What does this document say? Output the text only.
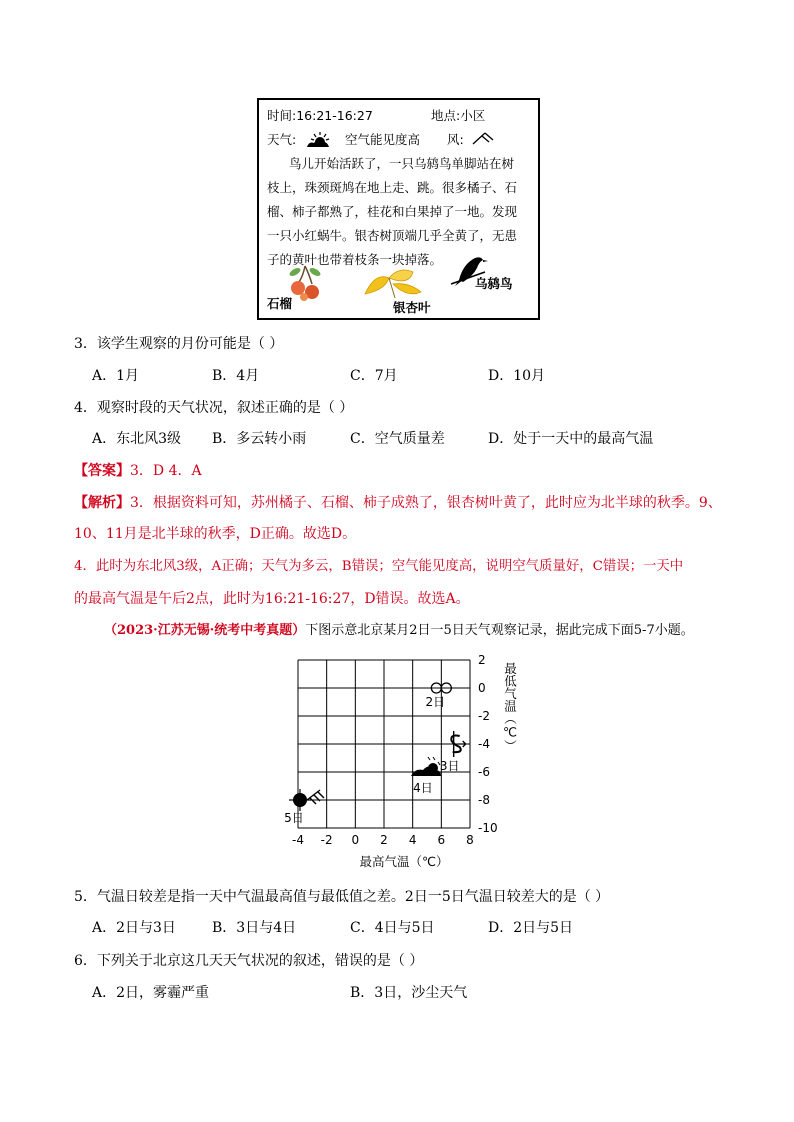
时间:16:21-16:27	地点:小区
天气:	空气能见度高 风:
鸟儿开始活跃了，一只乌鸫鸟单脚站在树
枝上，珠颈斑鸠在地上走、跳。很多橘子、石
榴、柿子都熟了，桂花和白果掉了一地。发现
一只小红蜗牛。银杏树顶端几乎全黄了，无患
子的黄叶也带着枝条一块掉落。
石榴	银杏叶
乌鸫鸟
3．该学生观察的月份可能是（ ）
A．1月	B．4月	C．7月	D．10月
4．观察时段的天气状况，叙述正确的是（ ）
A．东北风3级 B．多云转小雨	C．空气质量差	D．处于一天中的最高气温
【答案】3．D 4．A
【解析】3．根据资料可知，苏州橘子、石榴、柿子成熟了，银杏树叶黄了，此时应为北半球的秋季。9、
10、11月是北半球的秋季，D正确。故选D。
4．此时为东北风3级，A正确；天气为多云，B错误；空气能见度高，说明空气质量好，C错误；一天中
的最高气温是午后2点，此时为16:21-16:27，D错误。故选A。
（2023·江苏无锡·统考中考真题）下图示意北京某月2日一5日天气观察记录，据此完成下面5-7小题。
-4 -2 0 2 4 6 8
2
0
-2
-4
-6
-8
-10
最高气温（℃）
最低气温（℃）
2日
3日
4日
5日
5．气温日较差是指一天中气温最高值与最低值之差。2日一5日气温日较差大的是（ ）
A．2日与3日	B．3日与4日	C．4日与5日	D．2日与5日
6．下列关于北京这几天天气状况的叙述，错误的是（ ）
A．2日，雾霾严重	B．3日，沙尘天气
